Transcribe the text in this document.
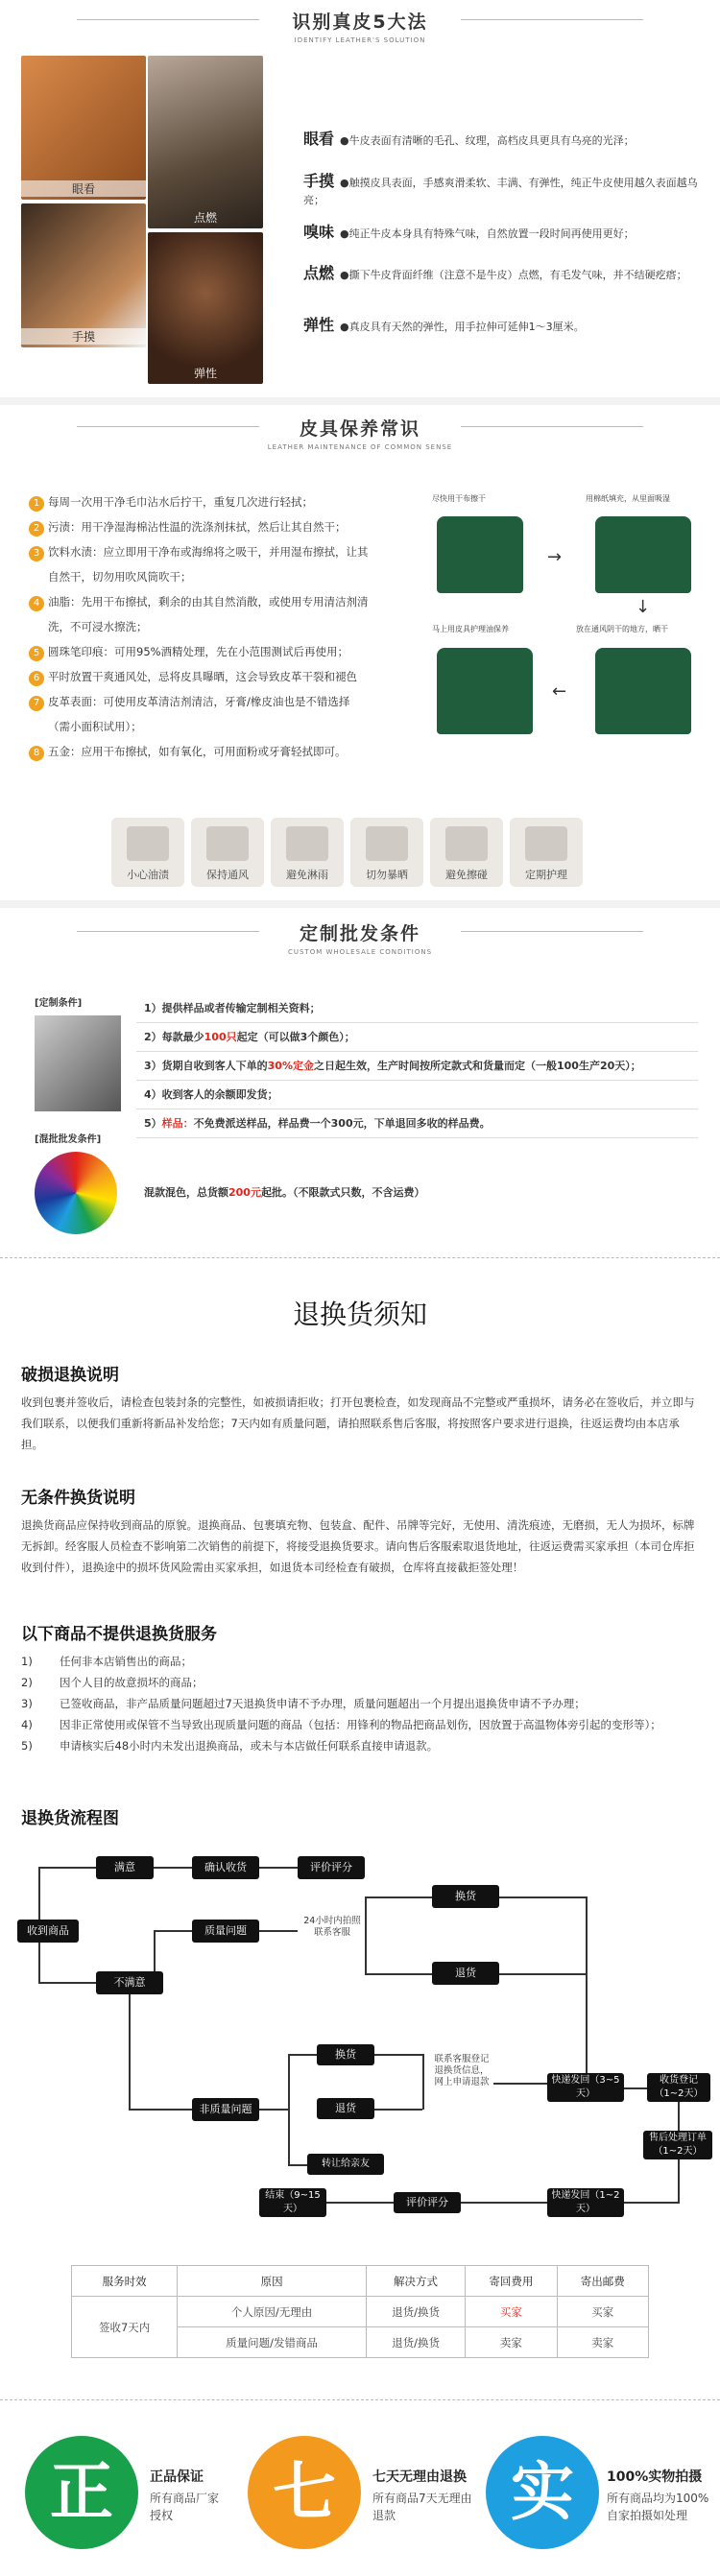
识别真皮5大法
IDENTIFY LEATHER'S SOLUTION
眼看
点燃
手摸
弹性
眼看 ●牛皮表面有清晰的毛孔、纹理，高档皮具更具有乌亮的光泽；
手摸 ●触摸皮具表面，手感爽滑柔软、丰满、有弹性，纯正牛皮使用越久表面越乌亮；
嗅味 ●纯正牛皮本身具有特殊气味，自然放置一段时间再使用更好；
点燃 ●撕下牛皮背面纤维（注意不是牛皮）点燃，有毛发气味，并不结硬疙瘩；
弹性 ●真皮具有天然的弹性，用手拉伸可延伸1～3厘米。
皮具保养常识
LEATHER MAINTENANCE OF COMMON SENSE
1 每周一次用干净毛巾沾水后拧干，重复几次进行轻拭；
2 污渍：用干净湿海棉沾性温的洗涤剂抹拭，然后让其自然干；
3 饮料水渍：应立即用干净布或海绵将之吸干，并用湿布擦拭，让其
自然干，切勿用吹风筒吹干；
4 油脂：先用干布擦拭，剩余的由其自然消散，或使用专用清洁剂清
洗，不可浸水擦洗；
5 圆珠笔印痕：可用95%酒精处理，先在小范围测试后再使用；
6 平时放置干爽通风处，忌将皮具曝晒，这会导致皮革干裂和褪色
7 皮革表面：可使用皮革清洁剂清洁，牙膏/橡皮油也是不错选择
（需小面积试用）；
8 五金：应用干布擦拭，如有氧化，可用面粉或牙膏轻拭即可。
尽快用干布擦干	用棉纸填充，从里面吸湿
→
↓
马上用皮具护理油保养	放在通风阴干的地方，晒干
←
小心油渍	保持通风	避免淋雨	切勿暴晒	避免擦碰	定期护理
定制批发条件
CUSTOM WHOLESALE CONDITIONS
[定制条件]	1）提供样品或者传输定制相关资料；
2）每款最少100只起定（可以做3个颜色）；
3）货期自收到客人下单的30%定金之日起生效，生产时间按所定款式和货量而定（一般100生产20天）；
4）收到客人的余额即发货；
5）样品：不免费派送样品，样品费一个300元，下单退回多收的样品费。
[混批批发条件]
混款混色，总货额200元起批。（不限款式只数，不含运费）
退换货须知
破损退换说明
收到包裹并签收后，请检查包装封条的完整性，如被损请拒收；打开包裹检查，如发现商品不完整或严重损坏，请务必在签收后，并立即与我们联系，以便我们重新将新品补发给您；7天内如有质量问题，请拍照联系售后客服，将按照客户要求进行退换，往返运费均由本店承担。
无条件换货说明
退换货商品应保持收到商品的原貌。退换商品、包裹填充物、包装盒、配件、吊牌等完好，无使用、清洗痕迹，无磨损，无人为损坏，标牌无拆卸。经客服人员检查不影响第二次销售的前提下，将接受退换货要求。请向售后客服索取退货地址，往返运费需买家承担（本司仓库拒收到付件），退换途中的损坏货风险需由买家承担，如退货本司经检查有破损，仓库将直接截拒签处理！
以下商品不提供退换货服务
1) 任何非本店销售出的商品；
2) 因个人目的故意损坏的商品；
3) 已签收商品，非产品质量问题超过7天退换货申请不予办理，质量问题超出一个月提出退换货申请不予办理；
4)	因非正常使用或保管不当导致出现质量问题的商品（包括：用锋利的物品把商品划伤，因放置于高温物体旁引起的变形等）；
5) 申请核实后48小时内未发出退换商品，或未与本店做任何联系直接申请退款。
退换货流程图
收到商品
满意	确认收货	评价评分
质量问题
24小时内拍照联系客服
换货
退货
不满意
非质量问题
换货
退货
转让给亲友
联系客服登记退换货信息，网上申请退款	快递发回（3~5天）
收货登记（1~2天）
售后处理订单（1~2天）
快递发回（1~2天）
评价评分
结束（9~15天）
服务时效	原因	解决方式	寄回费用	寄出邮费
签收7天内	个人原因/无理由	退货/换货	买家	买家
	质量问题/发错商品	退货/换货	卖家	卖家
正	正品保证
所有商品厂家
授权	七	七天无理由退换
所有商品7天无理由
退款	实	100%实物拍摄
所有商品均为100%
自家拍摄如处理
